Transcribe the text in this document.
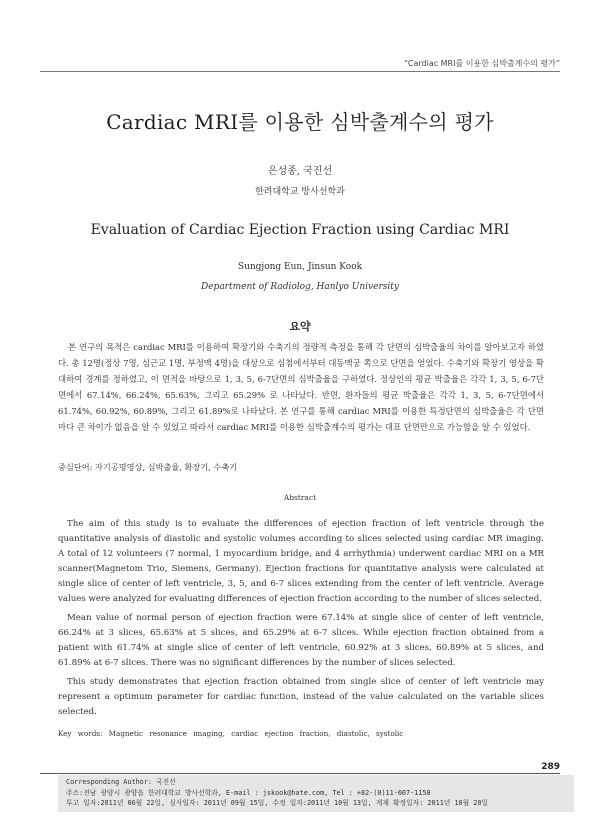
“Cardiac MRI를 이용한 심박출계수의 평가”
Cardiac MRI를 이용한 심박출계수의 평가
은성종, 국진선
한려대학교 방사선학과
Evaluation of Cardiac Ejection Fraction using Cardiac MRI
Sungjong Eun, Jinsun Kook
Department of Radiolog, Hanlyo University
요약

본 연구의 목적은 cardiac MRI를 이용하여 확장기와 수축기의 정량적 측정을 통해 각 단면의 심박출율의 차이를 알아보고자 하였다. 총 12명(정상 7명, 심근교 1명, 부정맥 4명)을 대상으로 심첨에서부터 대동맥궁 쪽으로 단면을 얻었다. 수축기와 확장기 영상을 확대하여 경계를 정하였고, 이 면적을 바탕으로 1, 3, 5, 6-7단면의 심박출율을 구하였다. 정상인의 평균 박출율은 각각 1, 3, 5, 6-7단면에서 67.14%, 66.24%, 65.63%, 그리고 65.29% 로 나타났다. 반면, 환자들의 평균 박출율은 각각 1, 3, 5, 6-7단면에서 61.74%, 60.92%, 60.89%, 그리고 61.89%로 나타났다. 본 연구를 통해 cardiac MRI를 이용한 특정단면의 심박출율은 각 단면마다 큰 차이가 없음을 알 수 있었고 따라서 cardiac MRI를 이용한 심박출계수의 평가는 대표 단면만으로 가능함을 알 수 있었다.

중심단어: 자기공명영상, 심박출율, 확장기, 수축기

Abstract

The aim of this study is to evaluate the differences of ejection fraction of left ventricle through the quantitative analysis of diastolic and systolic volumes according to slices selected using cardiac MR imaging. A total of 12 volunteers (7 normal, 1 myocardium bridge, and 4 arrhythmia) underwent cardiac MRI on a MR scanner(Magnetom Trio, Siemens, Germany). Ejection fractions for quantitative analysis were calculated at single slice of center of left ventricle, 3, 5, and 6-7 slices extending from the center of left ventricle. Average values were analyzed for evaluating differences of ejection fraction according to the number of slices selected.

Mean value of normal person of ejection fraction were 67.14% at single slice of center of left ventricle, 66.24% at 3 slices, 65.63% at 5 slices, and 65.29% at 6-7 slices. While ejection fraction obtained from a patient with 61.74% at single slice of center of left ventricle, 60.92% at 3 slices, 60.89% at 5 slices, and 61.89% at 6-7 slices. There was no significant differences by the number of slices selected.

This study demonstrates that ejection fraction obtained from single slice of center of left ventricle may represent a optimum parameter for cardiac function, instead of the value calculated on the variable slices selected.

Key words: Magnetic resonance imaging, cardiac ejection fraction, diastolic, systolic

289
Corresponding Author: 국진선
주소:전남 광양시 광양읍 한려대학교 방사선학과, E-mail : jskook@hate.com, Tel : +82-(0)11-607-1158
투고 일자:2011년 06월 22일, 심사일자: 2011년 09월 15일, 수정 일자:2011년 10월 13일, 게재 확정일자: 2011년 10월 20일
